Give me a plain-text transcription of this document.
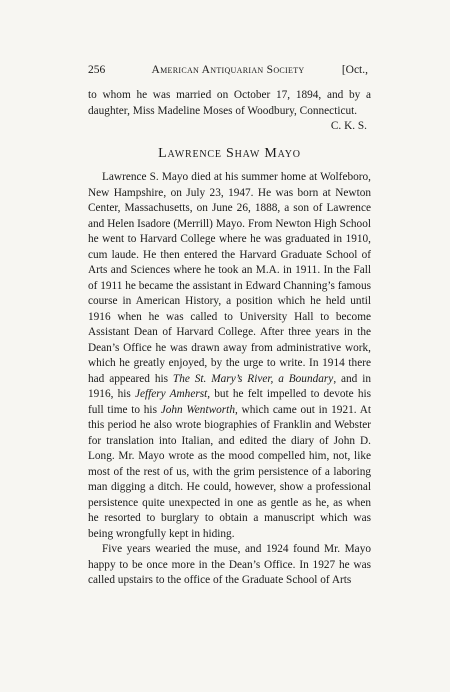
256	American Antiquarian Society	[Oct.,

to whom he was married on October 17, 1894, and by a daughter, Miss Madeline Moses of Woodbury, Connecticut.

C. K. S.

Lawrence Shaw Mayo

Lawrence S. Mayo died at his summer home at Wolfeboro, New Hampshire, on July 23, 1947. He was born at Newton Center, Massachusetts, on June 26, 1888, a son of Lawrence and Helen Isadore (Merrill) Mayo. From Newton High School he went to Harvard College where he was graduated in 1910, cum laude. He then entered the Harvard Graduate School of Arts and Sciences where he took an M.A. in 1911. In the Fall of 1911 he became the assistant in Edward Channing’s famous course in American History, a position which he held until 1916 when he was called to University Hall to become Assistant Dean of Harvard College. After three years in the Dean’s Office he was drawn away from administrative work, which he greatly enjoyed, by the urge to write. In 1914 there had appeared his The St. Mary’s River, a Boundary, and in 1916, his Jeffery Amherst, but he felt impelled to devote his full time to his John Wentworth, which came out in 1921. At this period he also wrote biographies of Franklin and Webster for translation into Italian, and edited the diary of John D. Long. Mr. Mayo wrote as the mood compelled him, not, like most of the rest of us, with the grim persistence of a laboring man digging a ditch. He could, however, show a professional persistence quite unexpected in one as gentle as he, as when he resorted to burglary to obtain a manuscript which was being wrongfully kept in hiding.

Five years wearied the muse, and 1924 found Mr. Mayo happy to be once more in the Dean’s Office. In 1927 he was called upstairs to the office of the Graduate School of Arts
